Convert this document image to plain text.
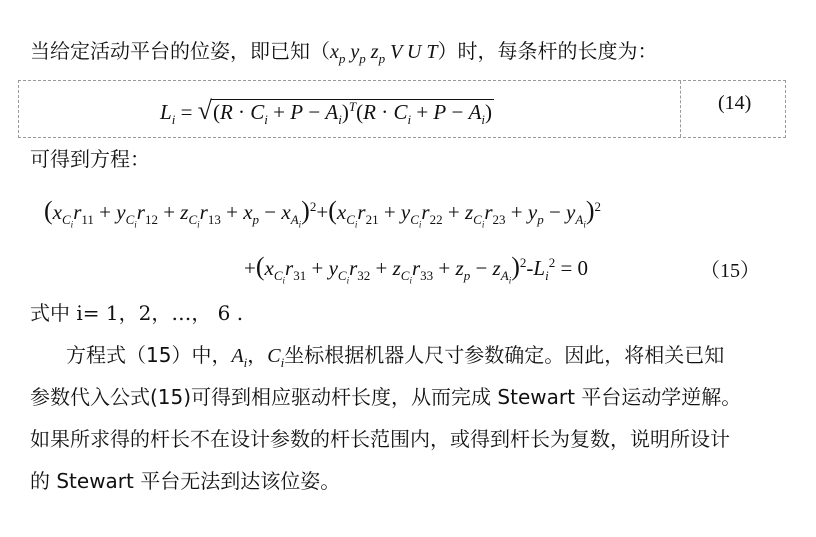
当给定活动平台的位姿，即已知（$x_p$ $y_p$ $z_p$ V U T）时，每条杆的长度为：
$L_i = √(R \cdot C_i + P - A_i)^T(R \cdot C_i + P - A_i)$	(14)
可得到方程：
$(x_{C_i}r_{11} + y_{C_i}r_{12} + z_{C_i}r_{13} + x_p - x_{A_i})^2+(x_{C_i}r_{21} + y_{C_i}r_{22} + z_{C_i}r_{23} + y_p - y_{A_i})^2$
$+(x_{C_i}r_{31} + y_{C_i}r_{32} + z_{C_i}r_{33} + z_p - z_{A_i})^2-L_i^2 = 0$	（15）
式中 i= 1，2，…， 6 .
方程式（15）中，$A_i$，$C_i$坐标根据机器人尺寸参数确定。因此，将相关已知
参数代入公式(15)可得到相应驱动杆长度，从而完成 Stewart 平台运动学逆解。
如果所求得的杆长不在设计参数的杆长范围内，或得到杆长为复数，说明所设计
的 Stewart 平台无法到达该位姿。
